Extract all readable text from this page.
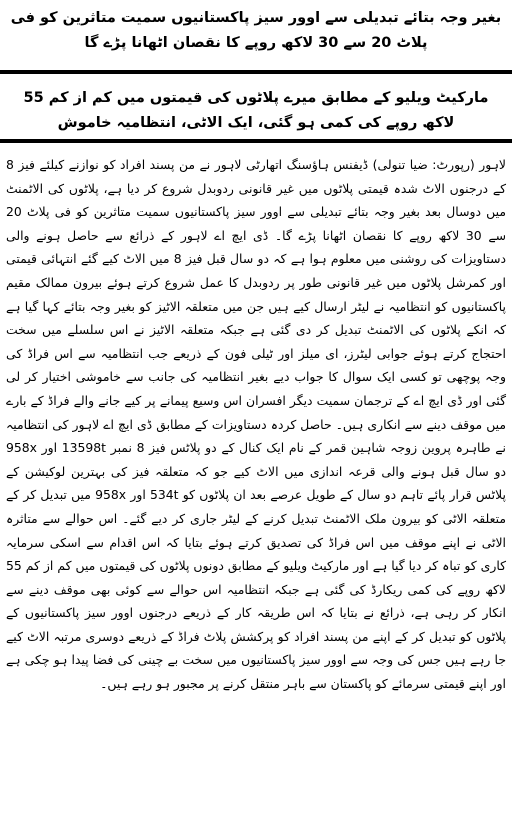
بغیر وجہ بتائے تبدیلی سے اوور سیز پاکستانیوں سمیت متاثرین کو فی پلاٹ 20 سے 30 لاکھ روپے کا نقصان اٹھانا پڑے گا
مارکیٹ ویلیو کے مطابق میرے پلاٹوں کی قیمتوں میں کم از کم 55 لاکھ روپے کی کمی ہو گئی، ایک الاٹی، انتظامیہ خاموش
لاہور (رپورٹ: ضیا تنولی) ڈیفنس ہاؤسنگ اتھارٹی لاہور نے من پسند افراد کو نوازنے کیلئے فیز 8 کے درجنوں الاٹ شدہ قیمتی پلاٹوں میں غیر قانونی ردوبدل شروع کر دیا ہے، پلاٹوں کی الاٹمنٹ میں دوسال بعد بغیر وجہ بتائے تبدیلی سے اوور سیز پاکستانیوں سمیت متاثرین کو فی پلاٹ 20 سے 30 لاکھ روپے کا نقصان اٹھانا پڑے گا۔ ڈی ایچ اے لاہور کے ذرائع سے حاصل ہونے والی دستاویزات کی روشنی میں معلوم ہوا ہے کہ دو سال قبل فیز 8 میں الاٹ کیے گئے انتہائی قیمتی اور کمرشل پلاٹوں میں غیر قانونی طور پر ردوبدل کا عمل شروع کرتے ہوئے بیرون ممالک مقیم پاکستانیوں کو انتظامیہ نے لیٹر ارسال کیے ہیں جن میں متعلقہ الاٹیز کو بغیر وجہ بتائے کہا گیا ہے کہ انکے پلاٹوں کی الاٹمنٹ تبدیل کر دی گئی ہے جبکہ متعلقہ الاٹیز نے اس سلسلے میں سخت احتجاج کرتے ہوئے جوابی لیٹرز، ای میلز اور ٹیلی فون کے ذریعے جب انتظامیہ سے اس فراڈ کی وجہ پوچھی تو کسی ایک سوال کا جواب دیے بغیر انتظامیہ کی جانب سے خاموشی اختیار کر لی گئی اور ڈی ایچ اے کے ترجمان سمیت دیگر افسران اس وسیع پیمانے پر کیے جانے والے فراڈ کے بارے میں موقف دینے سے انکاری ہیں۔ حاصل کردہ دستاویزات کے مطابق ڈی ایچ اے لاہور کی انتظامیہ نے طاہرہ پروین زوجہ شاہین قمر کے نام ایک کنال کے دو پلاٹس فیز 8 نمبر 13598t اور 958x دو سال قبل ہونے والی قرعہ اندازی میں الاٹ کیے جو کہ متعلقہ فیز کی بہترین لوکیشن کے پلاٹس قرار پائے تاہم دو سال کے طویل عرصے بعد ان پلاٹوں کو 534t اور 958x میں تبدیل کر کے متعلقہ الاٹی کو بیرون ملک الاٹمنٹ تبدیل کرنے کے لیٹر جاری کر دیے گئے۔ اس حوالے سے متاثرہ الاٹی نے اپنے موقف میں اس فراڈ کی تصدیق کرتے ہوئے بتایا کہ اس اقدام سے اسکی سرمایہ کاری کو تباہ کر دیا گیا ہے اور مارکیٹ ویلیو کے مطابق دونوں پلاٹوں کی قیمتوں میں کم از کم 55 لاکھ روپے کی کمی ریکارڈ کی گئی ہے جبکہ انتظامیہ اس حوالے سے کوئی بھی موقف دینے سے انکار کر رہی ہے، ذرائع نے بتایا کہ اس طریقہ کار کے ذریعے درجنوں اوور سیز پاکستانیوں کے پلاٹوں کو تبدیل کر کے اپنے من پسند افراد کو پرکشش پلاٹ فراڈ کے ذریعے دوسری مرتبہ الاٹ کیے جا رہے ہیں جس کی وجہ سے اوور سیز پاکستانیوں میں سخت بے چینی کی فضا پیدا ہو چکی ہے اور اپنے قیمتی سرمائے کو پاکستان سے باہر منتقل کرنے پر مجبور ہو رہے ہیں۔
